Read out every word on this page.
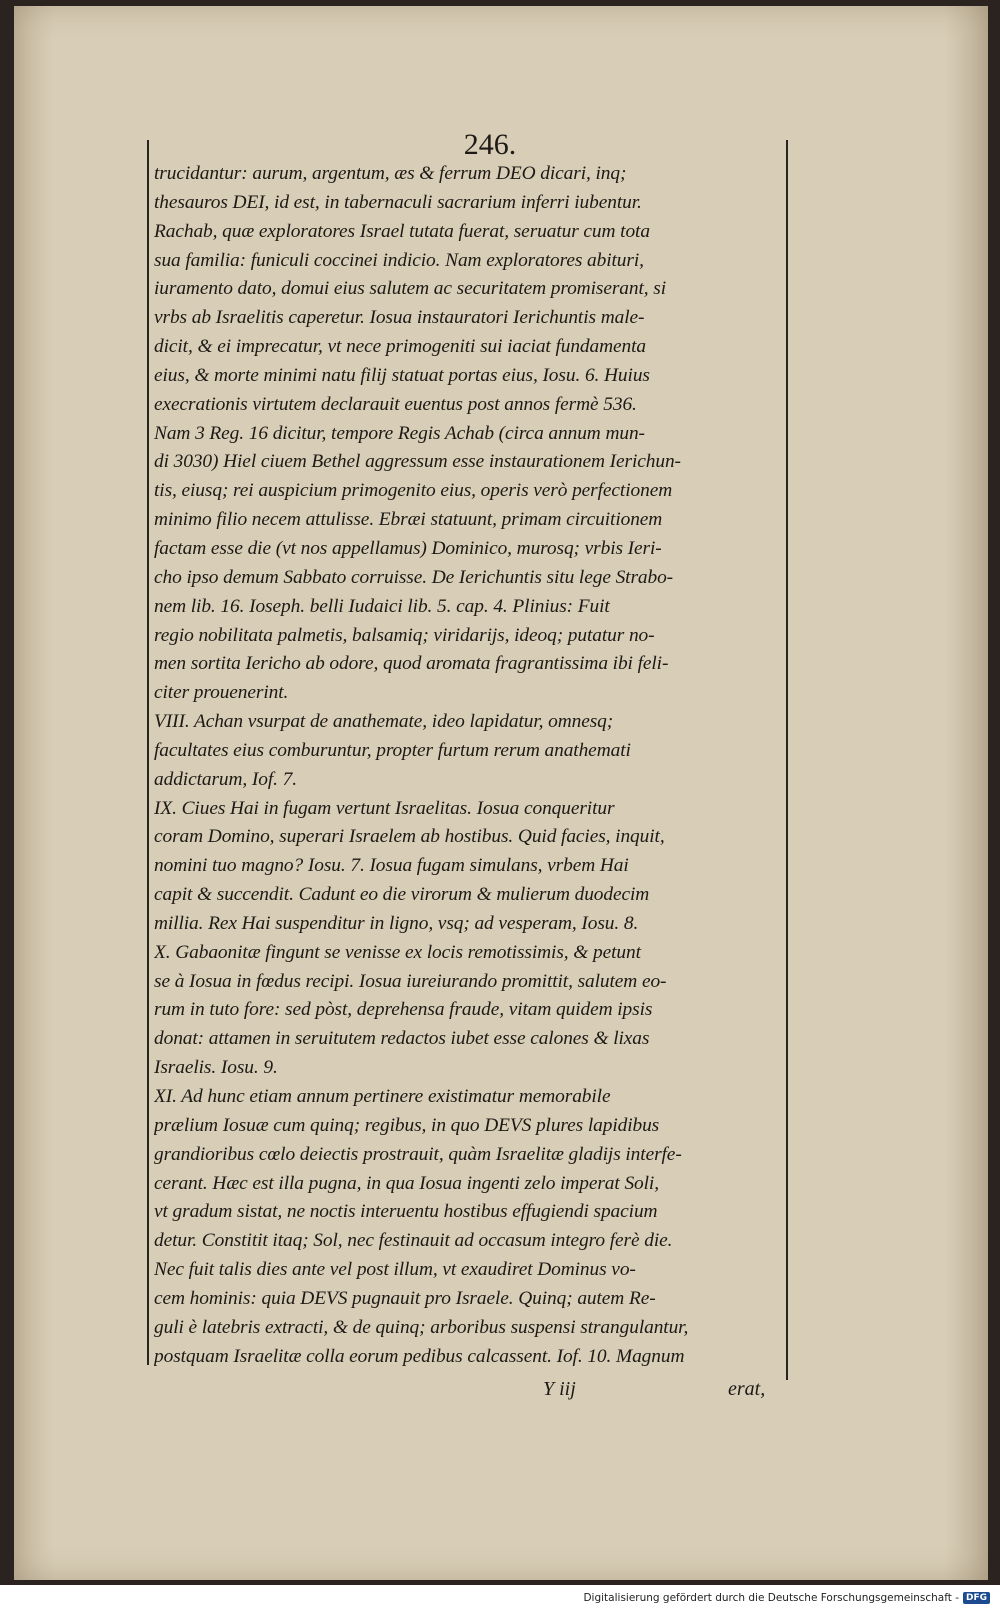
246.
trucidantur: aurum, argentum, æs & ferrum DEO dicari, inq;
thesauros DEI, id est, in tabernaculi sacrarium inferri iubentur.
Rachab, quæ exploratores Israel tutata fuerat, seruatur cum tota
sua familia: funiculi coccinei indicio. Nam exploratores abituri,
iuramento dato, domui eius salutem ac securitatem promiserant, si
vrbs ab Israelitis caperetur. Iosua instauratori Ierichuntis male-
dicit, & ei imprecatur, vt nece primogeniti sui iaciat fundamenta
eius, & morte minimi natu filij statuat portas eius, Iosu. 6. Huius
execrationis virtutem declarauit euentus post annos fermè 536.
Nam 3 Reg. 16 dicitur, tempore Regis Achab (circa annum mun-
di 3030) Hiel ciuem Bethel aggressum esse instaurationem Ierichun-
tis, eiusq; rei auspicium primogenito eius, operis verò perfectionem
minimo filio necem attulisse. Ebræi statuunt, primam circuitionem
factam esse die (vt nos appellamus) Dominico, murosq; vrbis Ieri-
cho ipso demum Sabbato corruisse. De Ierichuntis situ lege Strabo-
nem lib. 16. Ioseph. belli Iudaici lib. 5. cap. 4. Plinius: Fuit
regio nobilitata palmetis, balsamiq; viridarijs, ideoq; putatur no-
men sortita Iericho ab odore, quod aromata fragrantissima ibi feli-
citer prouenerint.
VIII. Achan vsurpat de anathemate, ideo lapidatur, omnesq;
facultates eius comburuntur, propter furtum rerum anathemati
addictarum, Iof. 7.
IX. Ciues Hai in fugam vertunt Israelitas. Iosua conqueritur
coram Domino, superari Israelem ab hostibus. Quid facies, inquit,
nomini tuo magno? Iosu. 7. Iosua fugam simulans, vrbem Hai
capit & succendit. Cadunt eo die virorum & mulierum duodecim
millia. Rex Hai suspenditur in ligno, vsq; ad vesperam, Iosu. 8.
X. Gabaonitæ fingunt se venisse ex locis remotissimis, & petunt
se à Iosua in fœdus recipi. Iosua iureiurando promittit, salutem eo-
rum in tuto fore: sed pòst, deprehensa fraude, vitam quidem ipsis
donat: attamen in seruitutem redactos iubet esse calones & lixas
Israelis. Iosu. 9.
XI. Ad hunc etiam annum pertinere existimatur memorabile
prælium Iosuæ cum quinq; regibus, in quo DEVS plures lapidibus
grandioribus cœlo deiectis prostrauit, quàm Israelitæ gladijs interfe-
cerant. Hæc est illa pugna, in qua Iosua ingenti zelo imperat Soli,
vt gradum sistat, ne noctis interuentu hostibus effugiendi spacium
detur. Constitit itaq; Sol, nec festinauit ad occasum integro ferè die.
Nec fuit talis dies ante vel post illum, vt exaudiret Dominus vo-
cem hominis: quia DEVS pugnauit pro Israele. Quinq; autem Re-
guli è latebris extracti, & de quinq; arboribus suspensi strangulantur,
postquam Israelitæ colla eorum pedibus calcassent. Iof. 10. Magnum
Y iij	erat,
Digitalisierung gefördert durch die Deutsche Forschungsgemeinschaft - DFG
